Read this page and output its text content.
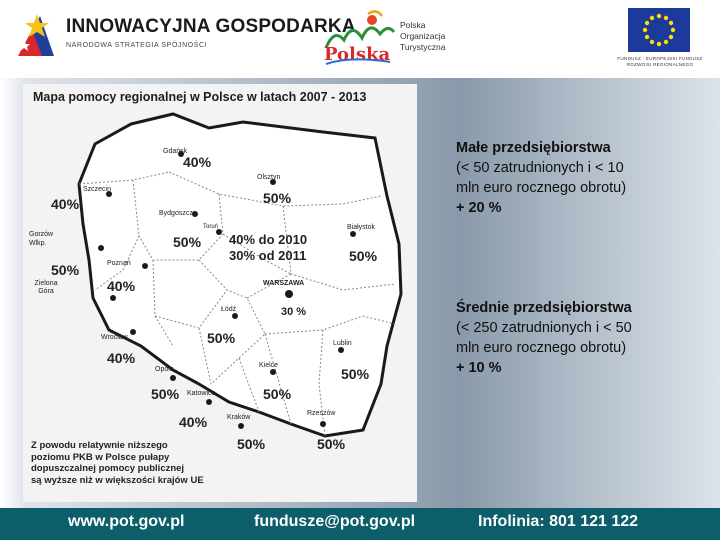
INNOWACYJNA GOSPODARKA
NARODOWA STRATEGIA SPÓJNOŚCI	Polska
Polska
Organizacja
Turystyczna
FUNDUSZ · EUROPEJSKI FUNDUSZ
ROZWOJU REGIONALNEGO
Mapa pomocy regionalnej w Polsce w latach 2007 - 2013
Gdańsk
40%
Olsztyn
50%
Szczecin
40%
Bydgoszcz
50%
Toruń	Białystok
50%
Gorzów Wlkp.
50%	Poznań
40%
Zielona Góra
40% do 2010
30% od 2011
WARSZAWA
30 %
Łódź
50%
Wrocław
40%
Lublin
50%
Opole
50%
Kielce
50%
Katowice
40%	Kraków
50%
Rzeszów
50%
Z powodu relatywnie niższego
poziomu PKB w Polsce pułapy
dopuszczalnej pomocy publicznej
są wyższe niż w większości krajów UE
Małe przedsiębiorstwa
(< 50 zatrudnionych i < 10
mln euro rocznego obrotu)
+ 20 %
Średnie przedsiębiorstwa
(< 250 zatrudnionych i < 50
mln euro rocznego obrotu)
+ 10 %
www.pot.gov.pl	fundusze@pot.gov.pl	Infolinia: 801 121 122
